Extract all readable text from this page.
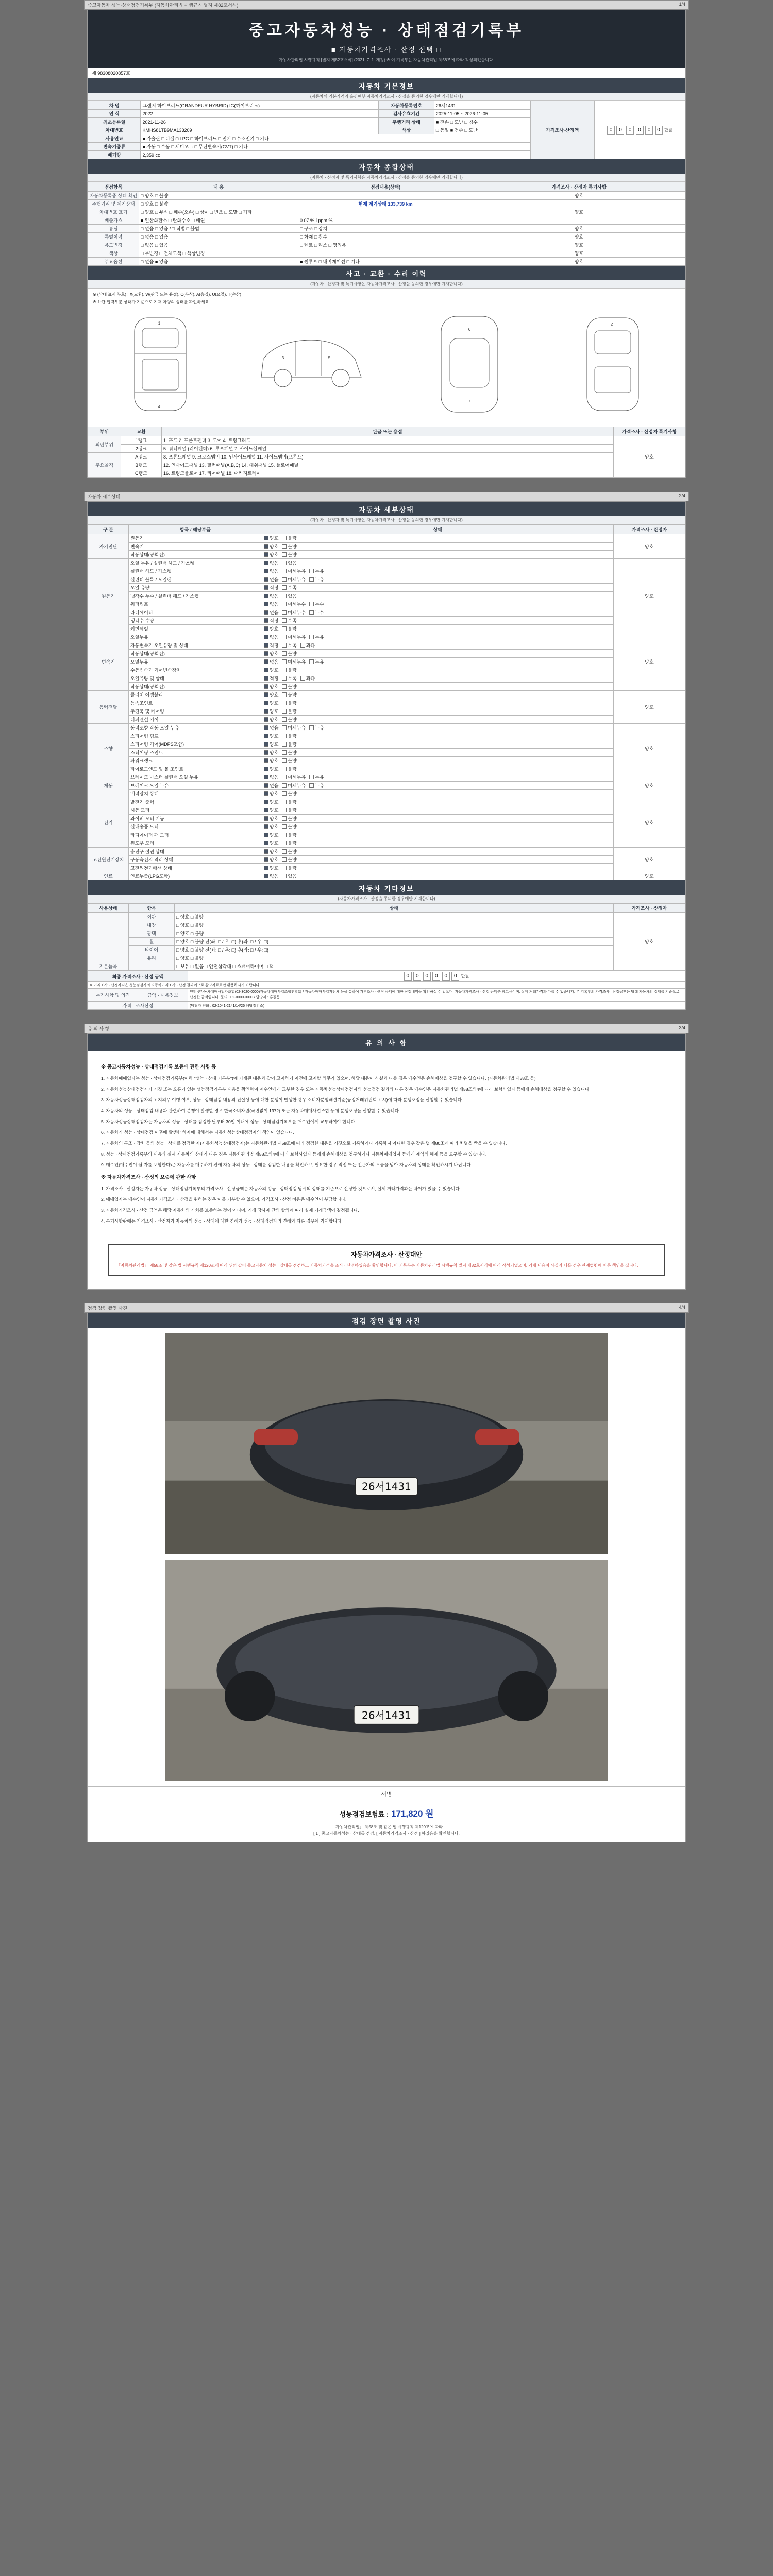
중고자동차 성능·상태점검기록부 (자동차관리법 시행규칙 별지 제82호서식)	1/4
중고자동차성능 · 상태점검기록부
■ 자동차가격조사 · 산정 선택 □
자동차관리법 시행규칙 [별지 제82호서식] (2021. 7. 1. 개정) ※ 이 기록부는 자동차관리법 제58조에 따라 작성되었습니다.
제 98308020857호
자동차 기본정보
(자동차의 기본가격과 옵션여부 자동차가격조사 · 산정을 동의한 경우에만 기재합니다)
차 명	그랜저 하이브리드(GRANDEUR HYBRID) IG(하이브리드)	자동차등록번호	26서1431	가격조사·산정액	0 0 0 0 0 0 만원
연 식	2022	검사유효기간	2025-11-05 ~ 2026-11-05		
최초등록일	2021-11-26	주행거리 상태	■ 전손 □ 도난 □ 침수		
차대번호	KMHS81TB9MA133209	색상	□ 동일 ■ 전손 □ 도난		
사용연료	■ 가솔린 □ 디젤 □ LPG □ 하이브리드 □ 전기 □ 수소전기 □ 기타				
변속기종류	■ 자동 □ 수동 □ 세미오토 □ 무단변속기(CVT) □ 기타				
배기량	2,359 cc				
자동차 종합상태
(자동차 · 산정자 및 특기사항은 자동차가격조사 · 산정을 동의한 경우에만 기재합니다)
점검항목	내 용	점검내용(상태)	가격조사 · 산정자 특기사항
자동차등록증 상태 확인	□ 양호 □ 불량		양호
주행거리 및 계기상태	□ 양호 □ 불량	현재 계기상태 133,739 km	
차대번호 표기	□ 양호 □ 부식 □ 훼손(오손) □ 상이 □ 변조 □ 도말 □ 기타		양호
배출가스	■ 일산화탄소 □ 탄화수소 □ 매연	0.07 % 1ppm %	
튜닝	□ 없음 □ 있음 / □ 적법 □ 불법	□ 구조 □ 장치	양호
특별이력	□ 없음 □ 있음	□ 화재 □ 침수	양호
용도변경	□ 없음 □ 있음	□ 렌트 □ 리스 □ 영업용	양호
색상	□ 무변경 □ 전체도색 □ 색상변경		양호
주요옵션	□ 없음 ■ 있음	■ 썬루프 □ 내비게이션 □ 기타	양호
사고 · 교환 · 수리 이력
(자동차 · 산정자 및 특기사항은 자동차가격조사 · 산정을 동의한 경우에만 기재합니다)
※ (상태 표시 부호) : X(교환), W(판금 또는 용접), C(부식), A(흠집), U(요철), T(손상)
※ 하단 입력부분 상태가 기준으로 기재 차량의 상태를 확인하세요
1
4
3	5
6
7
2
부위	교환	판금 또는 용접	가격조사 · 산정자 특기사항
외판부위	1랭크	1. 후드 2. 프론트펜더 3. 도어 4. 트렁크리드	양호
	2랭크	5. 쿼터패널 (리어펜더) 6. 루프패널 7. 사이드실패널	
주요골격	A랭크	8. 프론트패널 9. 크로스멤버 10. 인사이드패널 11. 사이드멤버(프론트)	
	B랭크	12. 인사이드패널 13. 필러패널(A,B,C) 14. 대쉬패널 15. 플로어패널	
	C랭크	16. 트렁크플로어 17. 리어패널 18. 패키지트레이	
자동차 세부상태	2/4
자동차 세부상태
(자동차 · 산정자 및 특기사항은 자동차가격조사 · 산정을 동의한 경우에만 기재합니다)
구 분	항목 / 해당부품	상태	가격조사 · 산정자
자기진단	원동기	양호 불량	양호
	변속기	양호 불량	
	작동상태(공회전)	양호 불량	
원동기	오일 누유 / 실린더 헤드 / 가스켓	없음 있음	양호
	실린더 헤드 / 가스켓	없음 미세누유 누유	
	실린더 블록 / 오일팬	없음 미세누유 누유	
	오일 유량	적정 부족	
	냉각수 누수 / 실린더 헤드 / 가스켓	없음 있음	
	워터펌프	없음 미세누수 누수	
	라디에이터	없음 미세누수 누수	
	냉각수 수량	적정 부족	
	커먼레일	양호 불량	
변속기	오일누유	없음 미세누유 누유	양호
	자동변속기 오일유량 및 상태	적정 부족 과다	
	작동상태(공회전)	양호 불량	
	오일누유	없음 미세누유 누유	
	수동변속기 기어변속장치	양호 불량	
	오일유량 및 상태	적정 부족 과다	
	작동상태(공회전)	양호 불량	
동력전달	클러치 어셈블리	양호 불량	양호
	등속조인트	양호 불량	
	추진축 및 베어링	양호 불량	
	디퍼렌셜 기어	양호 불량	
조향	동력조향 작동 오일 누유	없음 미세누유 누유	양호
	스티어링 펌프	양호 불량	
	스티어링 기어(MDPS포함)	양호 불량	
	스티어링 조인트	양호 불량	
	파워크랭크	양호 불량	
	타이로드엔드 및 볼 조인트	양호 불량	
제동	브레이크 마스터 실린더 오일 누유	없음 미세누유 누유	양호
	브레이크 오일 누유	없음 미세누유 누유	
	배력장치 상태	양호 불량	
전기	발전기 출력	양호 불량	양호
	시동 모터	양호 불량	
	와이퍼 모터 기능	양호 불량	
	실내송풍 모터	양호 불량	
	라디에이터 팬 모터	양호 불량	
	윈도우 모터	양호 불량	
고전원전기장치	충전구 절연 상태	양호 불량	양호
	구동축전지 격리 상태	양호 불량	
	고전원전기배선 상태	양호 불량	
연료	연료누출(LPG포함)	없음 있음	양호
자동차 기타정보
(자동차가격조사 · 산정을 동의한 경우에만 기재합니다)
사용상태	항목	상태	가격조사 · 산정자
	외관	□ 양호 □ 불량	양호
	내장	□ 양호 □ 불량	
	광택	□ 양호 □ 불량	
	휠	□ 양호 □ 불량 전(좌: □ / 우: □) 후(좌: □ / 우: □)	
	타이어	□ 양호 □ 불량 전(좌: □ / 우: □) 후(좌: □ / 우: □)	
	유리	□ 양호 □ 불량	
기본품목		□ 보유 □ 없음 □ 안전삼각대 □ 스패어타이어 □ 잭	
최종 가격조사 · 산정 금액		0 0 0 0 0 0 만원
※ 가격조사 · 산정자격은 성능점검자의 자동차가격조사 · 산정 결과이므로 참고자료로만 활용하시기 바랍니다.		
특기사항 및 의견	금액 · 내용정보	인터넷자동차매매사업자조합(02-3020-0000)자동차매매사업조합연합회 / 자동차매매사업자단체 등을 통하여 가격조사 · 산정 금액에 대한 산정내역을 확인하실 수 있으며, 자동차가격조사 · 산정 금액은 참고용이며, 실제 거래가격과 다를 수 있습니다. 본 기록부의 가격조사 · 산정금액은 당해 자동차의 상태를 기준으로 산정한 금액입니다. 문의 : 02-0000-0000 / 담당자 : 홍길동
가격 · 조사산정		(담당자 전화 : 02-1041-2141/14/25 해당점검소)
유 의 사 항	3/4
유 의 사 항
※ 중고자동차성능 · 상태점검기록 보증에 관한 사항 등

1. 자동차매매업자는 성능 · 상태점검기록부(이하 "성능 · 상태 기록부")에 기재된 내용과 같이 고지하기 이전에 고지할 의무가 있으며, 해당 내용이 사실과 다를 경우 매수인은 손해배상을 청구할 수 있습니다. (자동차관리법 제58조 등)

2. 자동차성능상태점검자가 거짓 또는 오류가 있는 성능점검기록부 내용을 확인하여 매수인에게 교부한 경우 또는 자동차성능상태점검자의 성능점검 결과와 다른 경우 매수인은 자동차관리법 제58조의4에 따라 보험사업자 등에게 손해배상을 청구할 수 있습니다.

3. 자동차성능상태점검자의 고지의무 이행 여부, 성능 · 상태점검 내용의 진실성 등에 대한 분쟁이 발생한 경우 소비자분쟁해결기준(공정거래위원회 고시)에 따라 분쟁조정을 신청할 수 있습니다.

4. 자동차의 성능 · 상태점검 내용과 관련하여 분쟁이 발생할 경우 한국소비자원(국번없이 1372) 또는 자동차매매사업조합 등에 분쟁조정을 신청할 수 있습니다.

5. 자동차성능상태점검자는 자동차의 성능 · 상태를 점검한 날부터 30일 이내에 성능 · 상태점검기록부를 매수인에게 교부하여야 합니다.

6. 자동차가 성능 · 상태점검 이후에 발생한 하자에 대해서는 자동차성능상태점검자의 책임이 없습니다.

7. 자동차의 구조 · 장치 등의 성능 · 상태를 점검한 자(자동차성능상태점검자)는 자동차관리법 제58조에 따라 점검한 내용을 거짓으로 기록하거나 기록하지 아니한 경우 같은 법 제80조에 따라 처벌을 받을 수 있습니다.

8. 성능 · 상태점검기록부의 내용과 실제 자동차의 상태가 다른 경우 자동차관리법 제58조의4에 따라 보험사업자 등에게 손해배상을 청구하거나 자동차매매업자 등에게 계약의 해제 등을 요구할 수 있습니다.

9. 매수인(매수인이 될 자를 포함한다)은 자동차를 매수하기 전에 자동차의 성능 · 상태를 점검한 내용을 확인하고, 필요한 경우 직접 또는 전문가의 도움을 받아 자동차의 상태를 확인하시기 바랍니다.

※ 자동차가격조사 · 산정의 보증에 관한 사항

1. 가격조사 · 산정자는 자동차 성능 · 상태점검기록부의 가격조사 · 산정금액은 자동차의 성능 · 상태점검 당시의 상태를 기준으로 산정한 것으로서, 실제 거래가격과는 차이가 있을 수 있습니다.

2. 매매업자는 매수인이 자동차가격조사 · 산정을 원하는 경우 이를 거부할 수 없으며, 가격조사 · 산정 비용은 매수인이 부담합니다.

3. 자동차가격조사 · 산정 금액은 해당 자동차의 가치를 보증하는 것이 아니며, 거래 당사자 간의 합의에 따라 실제 거래금액이 결정됩니다.

4. 특기사항란에는 가격조사 · 산정자가 자동차의 성능 · 상태에 대한 견해가 성능 · 상태점검자의 견해와 다른 경우에 기재합니다.

자동차가격조사 · 산정대안
「자동차관리법」 제58조 및 같은 법 시행규칙 제120조에 따라 위와 같이 중고자동차 성능 · 상태를 점검하고 자동차가격을 조사 · 산정하였음을 확인합니다. 이 기록부는 자동차관리법 시행규칙 별지 제82호서식에 따라 작성되었으며, 기재 내용이 사실과 다를 경우 관계법령에 따른 책임을 집니다.
점검 장면 촬영 사진	4/4
점검 장면 촬영 사진
26서1431
26서1431
서명
성능점검보험료 : 171,820 원
「 자동차관리법」 제58조 및 같은 법 시행규칙 제120조에 따라
[ 1 ] 중고자동차성능 · 상태를 점검, [ 자동차가격조사 · 산정 ] 하였음을 확인합니다.
